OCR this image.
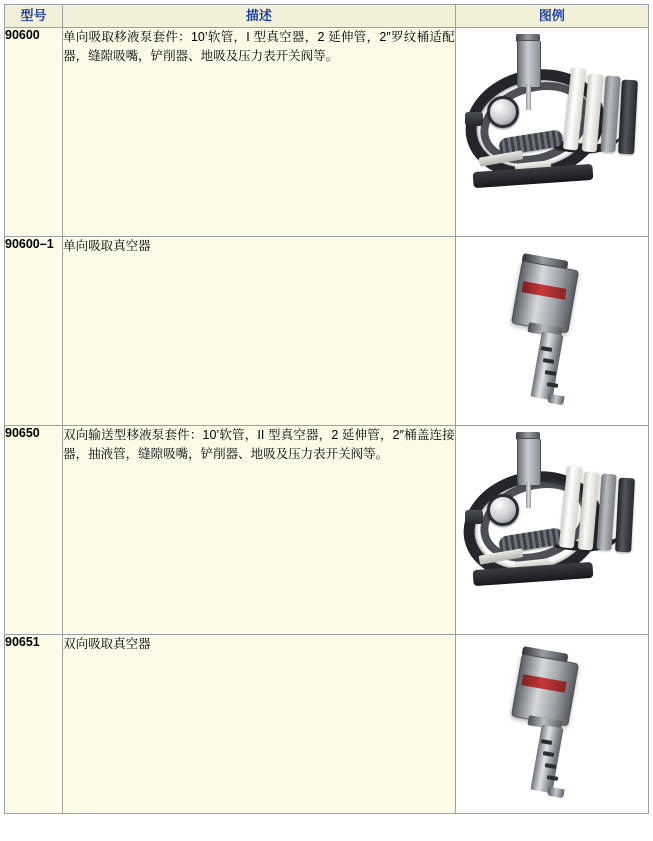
型号	描述	图例
90600	单向吸取移液泵套件：10’软管，I 型真空器，2 延伸管，2″罗纹桶适配器，缝隙吸嘴，铲削器、地吸及压力表开关阀等。	

90600–1	单向吸取真空器	

90650	双向输送型移液泵套件：10’软管，II 型真空器，2 延伸管，2″桶盖连接器，抽液管，缝隙吸嘴，铲削器、地吸及压力表开关阀等。	

90651	双向吸取真空器	
